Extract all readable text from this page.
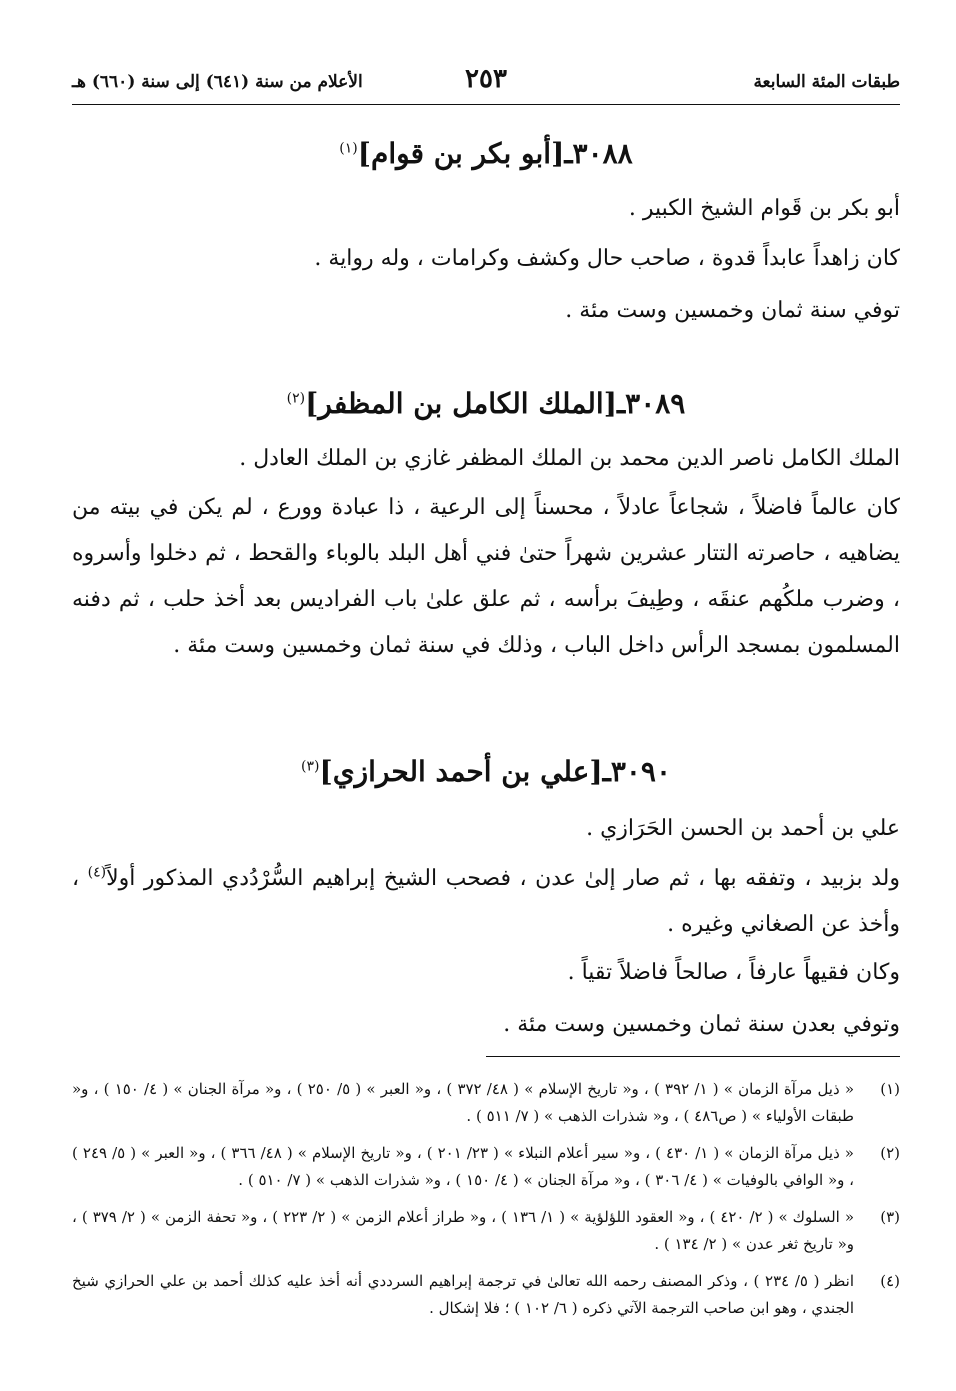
طبقات المئة السابعة
٢٥٣
الأعلام من سنة (٦٤١) إلى سنة (٦٦٠) هـ
٣٠٨٨ـ[أبو بكر بن قوام]$^{(١)}$
أبو بكر بن قَوام الشيخ الكبير .
كان زاهداً عابداً قدوة ، صاحب حال وكشف وكرامات ، وله رواية .
توفي سنة ثمان وخمسين وست مئة .
٣٠٨٩ـ[الملك الكامل بن المظفر]$^{(٢)}$
الملك الكامل ناصر الدين محمد بن الملك المظفر غازي بن الملك العادل .
كان عالماً فاضلاً ، شجاعاً عادلاً ، محسناً إلى الرعية ، ذا عبادة وورع ، لم يكن في بيته من يضاهيه ، حاصرته التتار عشرين شهراً حتىٰ فني أهل البلد بالوباء والقحط ، ثم دخلوا وأسروه ، وضرب ملكُهم عنقَه ، وطِيفَ برأسه ، ثم علق علىٰ باب الفراديس بعد أخذ حلب ، ثم دفنه المسلمون بمسجد الرأس داخل الباب ، وذلك في سنة ثمان وخمسين وست مئة .
٣٠٩٠ـ[علي بن أحمد الحرازي]$^{(٣)}$
علي بن أحمد بن الحسن الحَرَازي .
ولد بزبيد ، وتفقه بها ، ثم صار إلىٰ عدن ، فصحب الشيخ إبراهيم السُّرْدُدي المذكور أولاً$^{(٤)}$ ، وأخذ عن الصغاني وغيره .
وكان فقيهاً عارفاً ، صالحاً فاضلاً تقياً .
وتوفي بعدن سنة ثمان وخمسين وست مئة .
(١)
« ذيل مرآة الزمان » ( ١/ ٣٩٢ ) ، و« تاريخ الإسلام » ( ٤٨/ ٣٧٢ ) ، و« العبر » ( ٥/ ٢٥٠ ) ، و« مرآة الجنان » ( ٤/ ١٥٠ ) ، و« طبقات الأولياء » ( ص٤٨٦ ) ، و« شذرات الذهب » ( ٧/ ٥١١ ) .
(٢)
« ذيل مرآة الزمان » ( ١/ ٤٣٠ ) ، و« سير أعلام النبلاء » ( ٢٣/ ٢٠١ ) ، و« تاريخ الإسلام » ( ٤٨/ ٣٦٦ ) ، و« العبر » ( ٥/ ٢٤٩ ) ، و« الوافي بالوفيات » ( ٤/ ٣٠٦ ) ، و« مرآة الجنان » ( ٤/ ١٥٠ ) ، و« شذرات الذهب » ( ٧/ ٥١٠ ) .
(٣)
« السلوك » ( ٢/ ٤٢٠ ) ، و« العقود اللؤلؤية » ( ١/ ١٣٦ ) ، و« طراز أعلام الزمن » ( ٢/ ٢٢٣ ) ، و« تحفة الزمن » ( ٢/ ٣٧٩ ) ، و« تاريخ ثغر عدن » ( ٢/ ١٣٤ ) .
(٤)
انظر ( ٥/ ٢٣٤ ) ، وذكر المصنف رحمه الله تعالىٰ في ترجمة إبراهيم السرددي أنه أخذ عليه كذلك أحمد بن علي الحرازي شيخ الجندي ، وهو ابن صاحب الترجمة الآتي ذكره ( ٦/ ١٠٢ ) ؛ فلا إشكال .
